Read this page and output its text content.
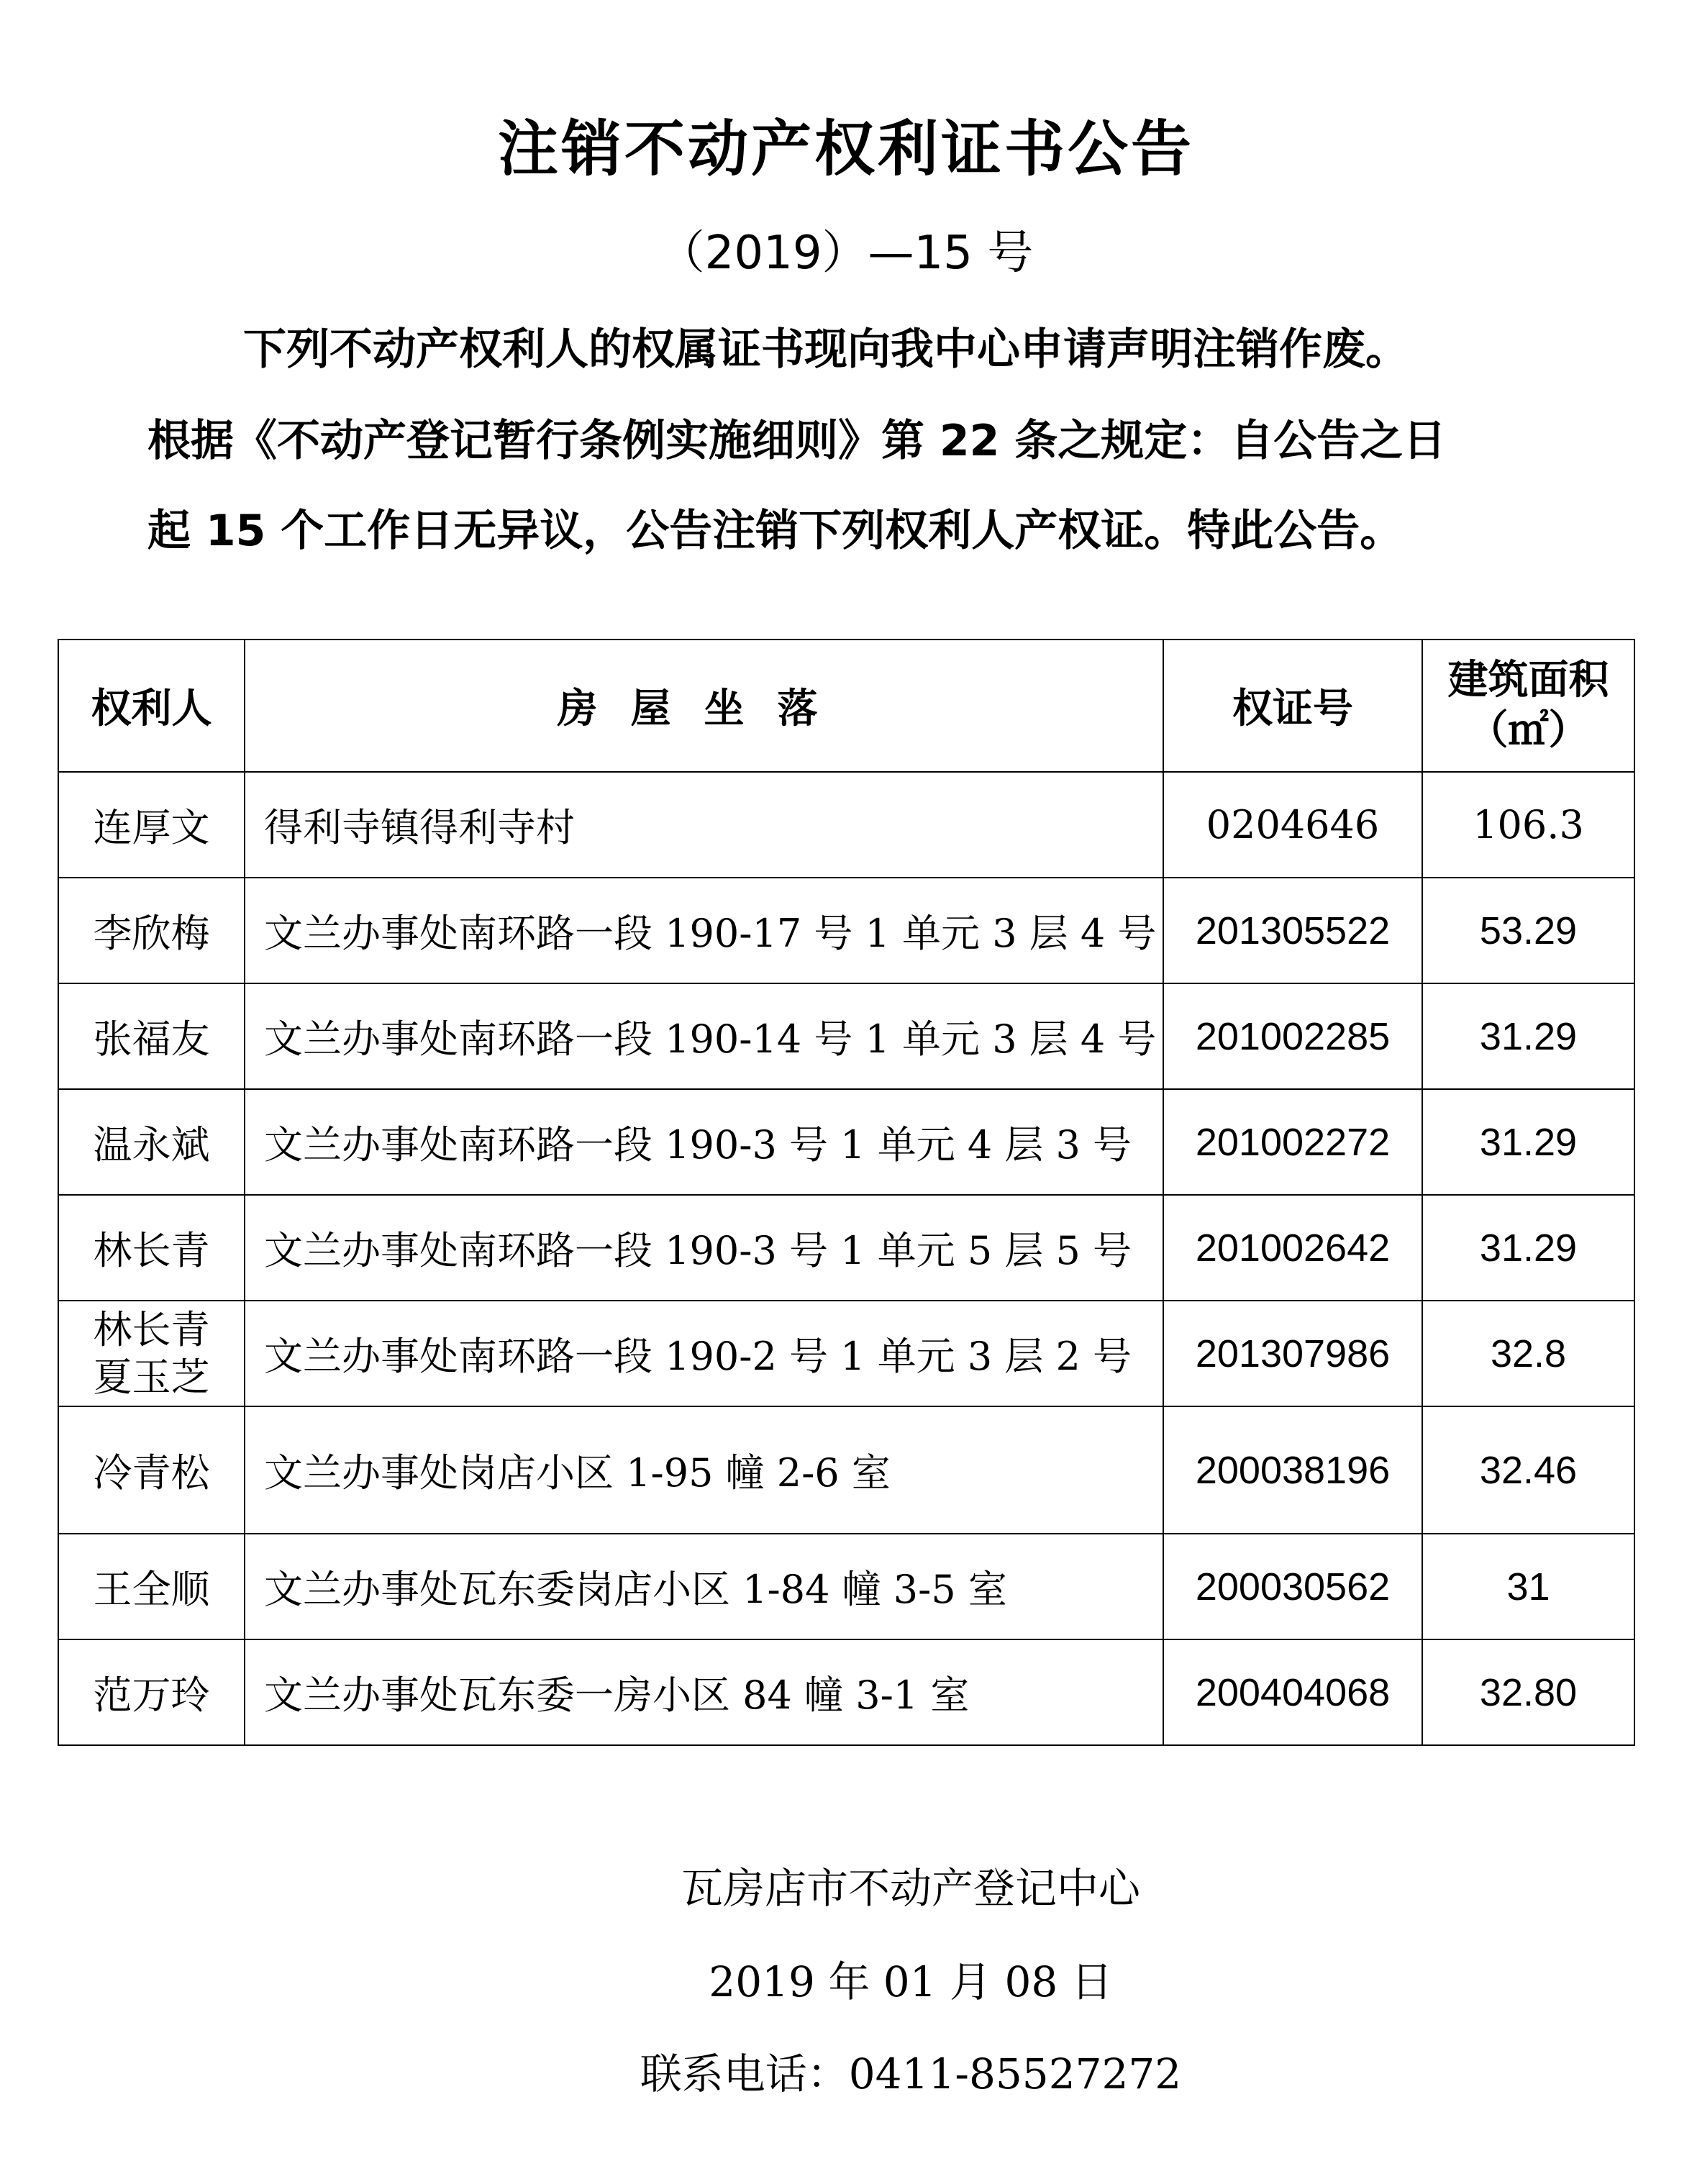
注销不动产权利证书公告
（2019）—15 号
下列不动产权利人的权属证书现向我中心申请声明注销作废。
根据《不动产登记暂行条例实施细则》第 22 条之规定：自公告之日
起 15 个工作日无异议，公告注销下列权利人产权证。特此公告。
权利人	房屋坐落	权证号	建筑面积
（㎡）

连厚文	得利寺镇得利寺村	0204646	106.3
李欣梅	文兰办事处南环路一段 190-17 号 1 单元 3 层 4 号	201305522	53.29
张福友	文兰办事处南环路一段 190-14 号 1 单元 3 层 4 号	201002285	31.29
温永斌	文兰办事处南环路一段 190-3 号 1 单元 4 层 3 号	201002272	31.29
林长青	文兰办事处南环路一段 190-3 号 1 单元 5 层 5 号	201002642	31.29

林长青
夏玉芝	文兰办事处南环路一段 190-2 号 1 单元 3 层 2 号	201307986	32.8
冷青松	文兰办事处岗店小区 1-95 幢 2-6 室	200038196	32.46
王全顺	文兰办事处瓦东委岗店小区 1-84 幢 3-5 室	200030562	31
范万玲	文兰办事处瓦东委一房小区 84 幢 3-1 室	200404068	32.80
瓦房店市不动产登记中心
2019 年 01 月 08 日
联系电话：0411-85527272
